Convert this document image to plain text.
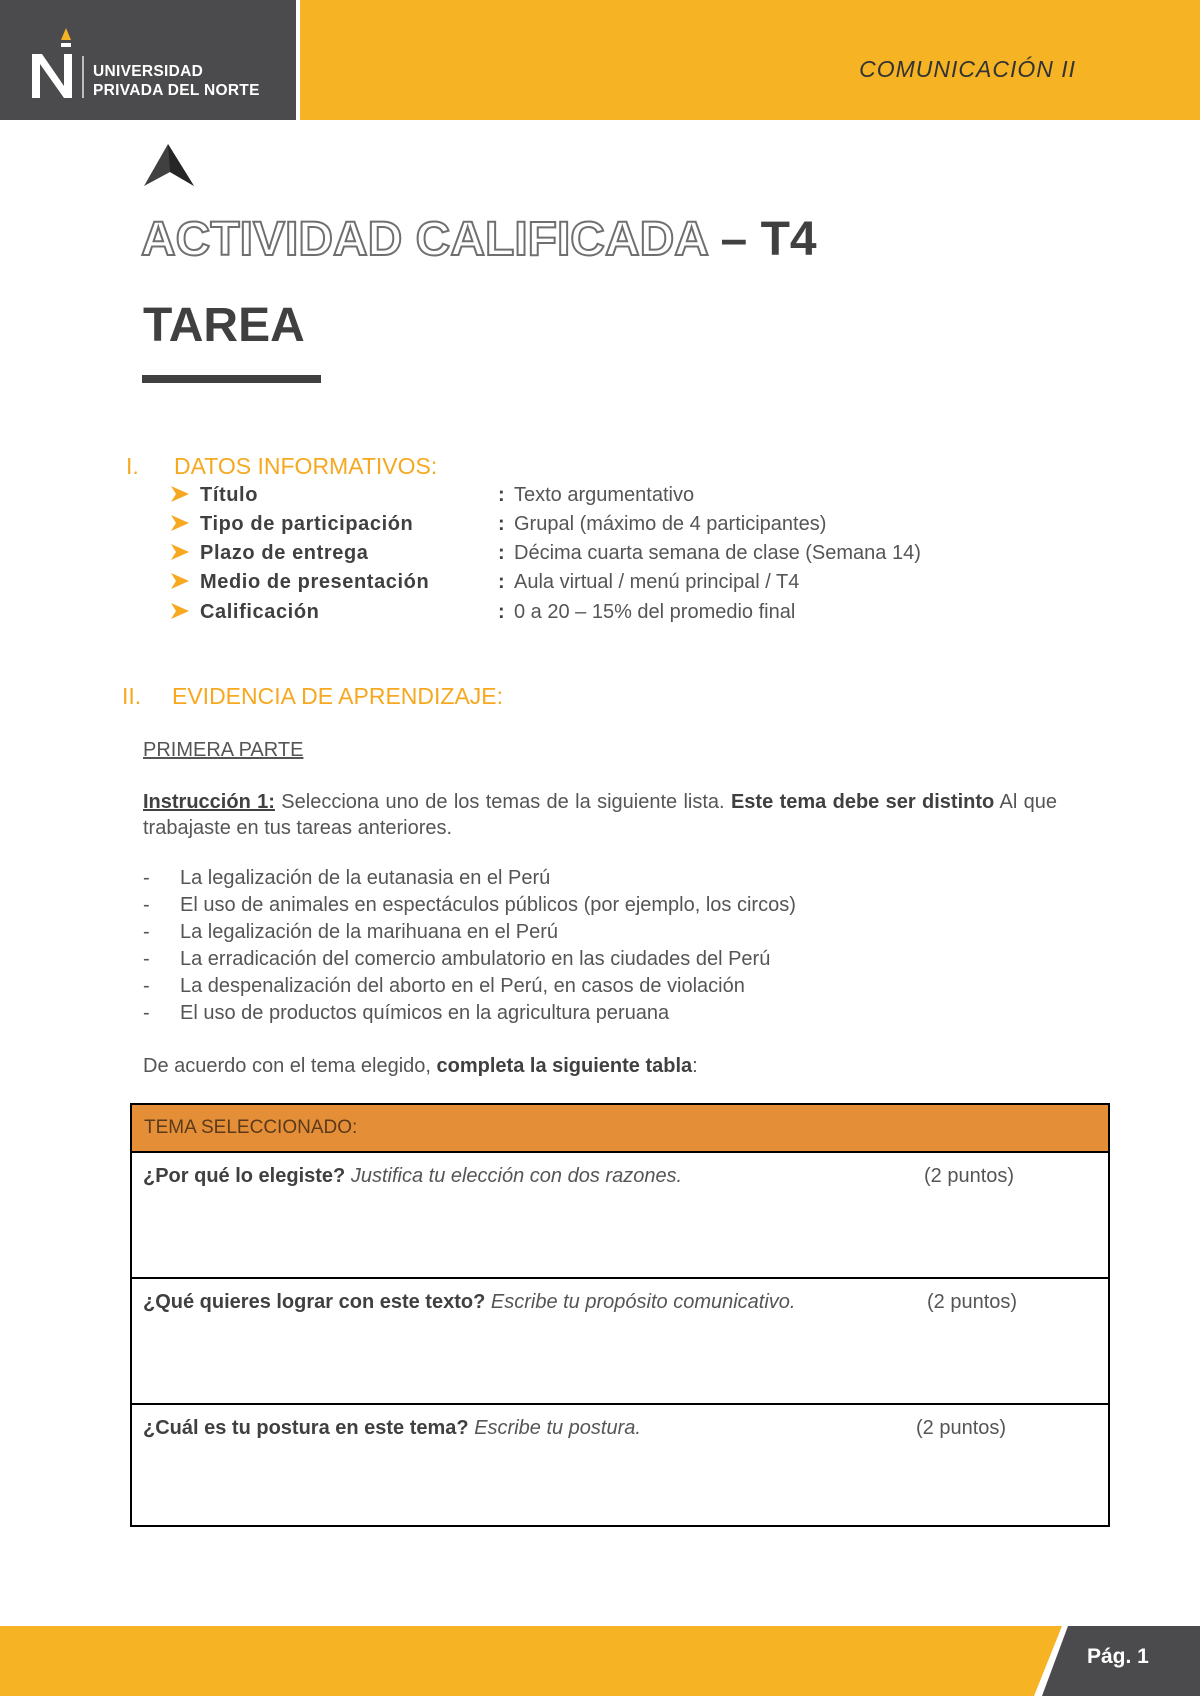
UNIVERSIDAD
PRIVADA DEL NORTE
COMUNICACIÓN II
ACTIVIDAD CALIFICADA – T4
TAREA
I. DATOS INFORMATIVOS:
Título	: Texto argumentativo
Tipo de participación	: Grupal (máximo de 4 participantes)
Plazo de entrega	: Décima cuarta semana de clase (Semana 14)
Medio de presentación	: Aula virtual / menú principal / T4
Calificación	: 0 a 20 – 15% del promedio final
II. EVIDENCIA DE APRENDIZAJE:
PRIMERA PARTE
Instrucción 1: Selecciona uno de los temas de la siguiente lista. Este tema debe ser distinto Al que trabajaste en tus tareas anteriores.
- La legalización de la eutanasia en el Perú
- El uso de animales en espectáculos públicos (por ejemplo, los circos)
- La legalización de la marihuana en el Perú
- La erradicación del comercio ambulatorio en las ciudades del Perú
- La despenalización del aborto en el Perú, en casos de violación
- El uso de productos químicos en la agricultura peruana
De acuerdo con el tema elegido, completa la siguiente tabla:
TEMA SELECCIONADO:
¿Por qué lo elegiste? Justifica tu elección con dos razones.	(2 puntos)
¿Qué quieres lograr con este texto? Escribe tu propósito comunicativo.	(2 puntos)
¿Cuál es tu postura en este tema? Escribe tu postura.	(2 puntos)
Pág. 1
